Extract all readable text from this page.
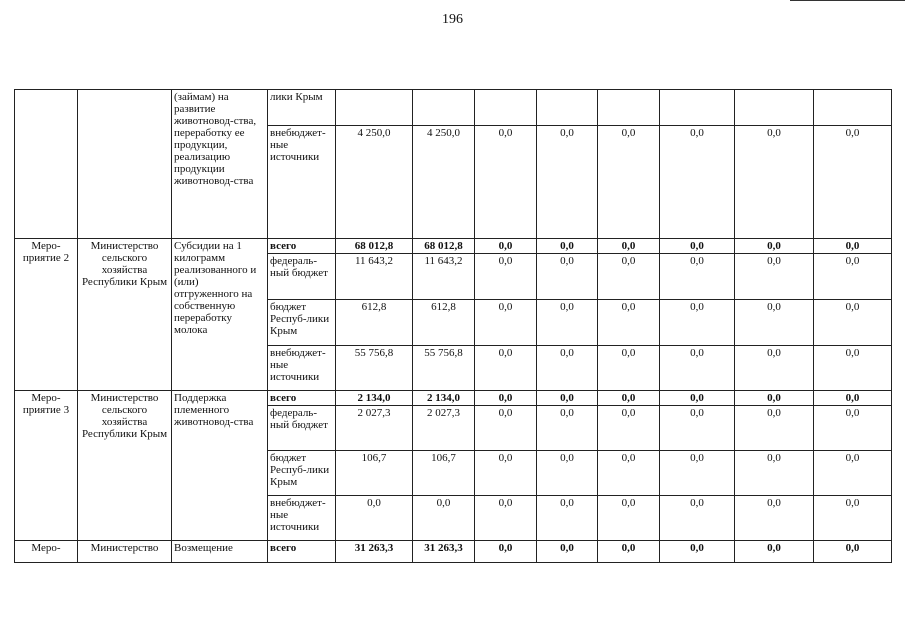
196
		(займам) на развитие животновод-ства, переработку ее продукции, реализацию продукции животновод-ства	лики Крым								
			внебюджет-ные источники	4 250,0	4 250,0	0,0	0,0	0,0	0,0	0,0	0,0
Меро-приятие 2	Министерство сельского хозяйства Республики Крым	Субсидии на 1 килограмм реализованного и (или) отгруженного на собственную переработку молока	всего	68 012,8	68 012,8	0,0	0,0	0,0	0,0	0,0	0,0
			федераль-ный бюджет	11 643,2	11 643,2	0,0	0,0	0,0	0,0	0,0	0,0
			бюджет Респуб-лики Крым	612,8	612,8	0,0	0,0	0,0	0,0	0,0	0,0
			внебюджет-ные источники	55 756,8	55 756,8	0,0	0,0	0,0	0,0	0,0	0,0
Меро-приятие 3	Министерство сельского хозяйства Республики Крым	Поддержка племенного животновод-ства	всего	2 134,0	2 134,0	0,0	0,0	0,0	0,0	0,0	0,0
			федераль-ный бюджет	2 027,3	2 027,3	0,0	0,0	0,0	0,0	0,0	0,0
			бюджет Респуб-лики Крым	106,7	106,7	0,0	0,0	0,0	0,0	0,0	0,0
			внебюджет-ные источники	0,0	0,0	0,0	0,0	0,0	0,0	0,0	0,0
Меро-	Министерство	Возмещение	всего	31 263,3	31 263,3	0,0	0,0	0,0	0,0	0,0	0,0
